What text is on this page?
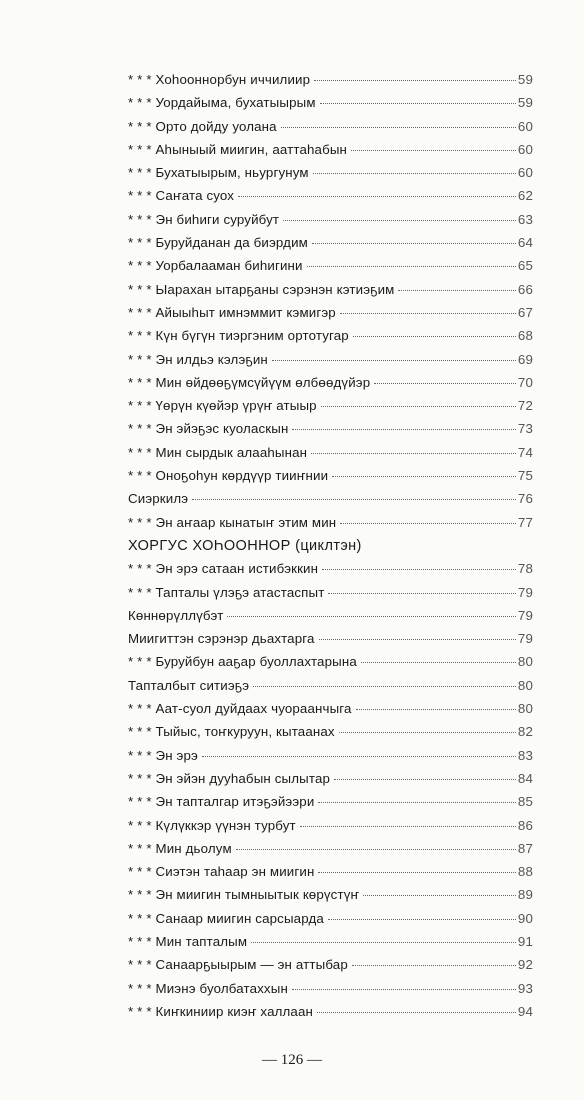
* * * Хоһооннорбун иччилиир	59
* * * Уордайыма, бухатыырым	59
* * * Орто дойду уолана	60
* * * Аһыныый миигин, ааттаһабын	60
* * * Бухатыырым, ньургунум	60
* * * Саҥата суох	62
* * * Эн биһиги суруйбут	63
* * * Буруйданан да биэрдим	64
* * * Уорбалааман биһигини	65
* * * Ыарахан ытарҕаны сэрэнэн кэтиэҕим	66
* * * Айыыһыт имнэммит кэмигэр	67
* * * Күн бүгүн тиэргэним ортотугар	68
* * * Эн илдьэ кэлэҕин	69
* * * Мин өйдөөҕүмсүйүүм өлбөөдүйэр	70
* * * Үөрүн күөйэр үрүҥ атыыр	72
* * * Эн эйэҕэс куоласкын	73
* * * Мин сырдык алааһынан	74
* * * Оноҕоһун көрдүүр тииҥнии	75
Сиэркилэ	76
* * * Эн аҥаар кынатыҥ этим мин	77
ХОРГУС ХОҺООННОР (циклтэн)
* * * Эн эрэ сатаан истибэккин	78
* * * Тапталы үлэҕэ атастаспыт	79
Көннөрүллүбэт	79
Миигиттэн сэрэнэр дьахтарга	79
* * * Буруйбун ааҕар буоллахтарына	80
Тапталбыт ситиэҕэ	80
* * * Аат-суол дуйдаах чуораанчыга	80
* * * Тыйыс, тоҥкуруун, кытаанах	82
* * * Эн эрэ	83
* * * Эн эйэн дууһабын сылытар	84
* * * Эн тапталгар итэҕэйээри	85
* * * Күлүккэр үүнэн турбут	86
* * * Мин дьолум	87
* * * Сиэтэн таһаар эн миигин	88
* * * Эн миигин тымныытык көрүстүҥ	89
* * * Санаар миигин сарсыарда	90
* * * Мин тапталым	91
* * * Санаарҕыырым — эн аттыбар	92
* * * Миэнэ буолбатаххын	93
* * * Киҥкиниир киэҥ халлаан	94
— 126 —
